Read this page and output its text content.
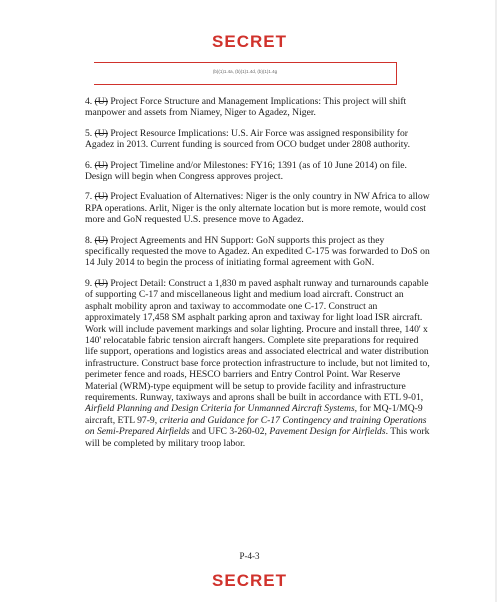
SECRET
(b)(1)1.4a, (b)(1)1.4d, (b)(1)1.4g

4. (U) Project Force Structure and Management Implications: This project will shift manpower and assets from Niamey, Niger to Agadez, Niger.

5. (U) Project Resource Implications: U.S. Air Force was assigned responsibility for Agadez in 2013. Current funding is sourced from OCO budget under 2808 authority.

6. (U) Project Timeline and/or Milestones: FY16; 1391 (as of 10 June 2014) on file. Design will begin when Congress approves project.

7. (U) Project Evaluation of Alternatives: Niger is the only country in NW Africa to allow RPA operations. Arlit, Niger is the only alternate location but is more remote, would cost more and GoN requested U.S. presence move to Agadez.

8. (U) Project Agreements and HN Support: GoN supports this project as they specifically requested the move to Agadez. An expedited C-175 was forwarded to DoS on 14 July 2014 to begin the process of initiating formal agreement with GoN.

9. (U) Project Detail: Construct a 1,830 m paved asphalt runway and turnarounds capable of supporting C-17 and miscellaneous light and medium load aircraft. Construct an asphalt mobility apron and taxiway to accommodate one C-17. Construct an approximately 17,458 SM asphalt parking apron and taxiway for light load ISR aircraft. Work will include pavement markings and solar lighting. Procure and install three, 140' x 140' relocatable fabric tension aircraft hangers. Complete site preparations for required life support, operations and logistics areas and associated electrical and water distribution infrastructure. Construct base force protection infrastructure to include, but not limited to, perimeter fence and roads, HESCO barriers and Entry Control Point. War Reserve Material (WRM)-type equipment will be setup to provide facility and infrastructure requirements. Runway, taxiways and aprons shall be built in accordance with ETL 9-01, Airfield Planning and Design Criteria for Unmanned Aircraft Systems, for MQ-1/MQ-9 aircraft, ETL 97-9, criteria and Guidance for C-17 Contingency and training Operations on Semi-Prepared Airfields and UFC 3-260-02, Pavement Design for Airfields. This work will be completed by military troop labor.

P-4-3
SECRET
